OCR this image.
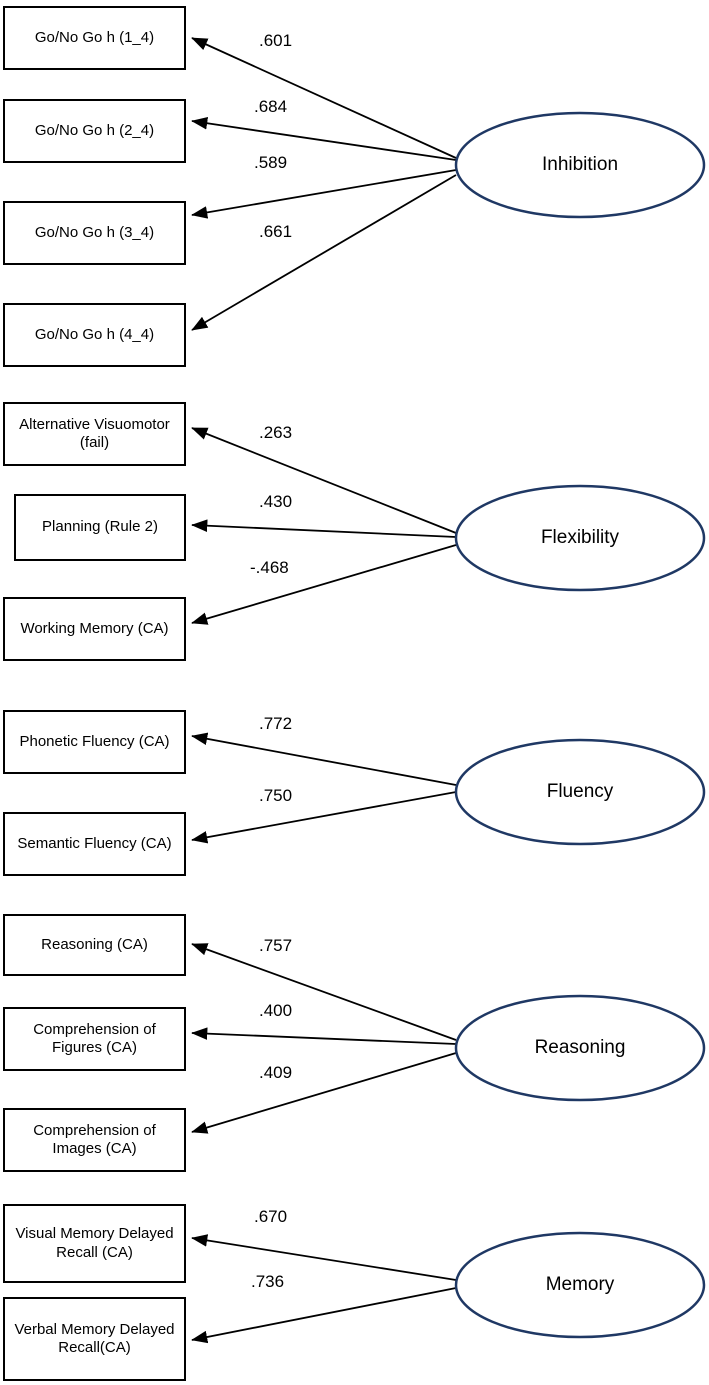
Inhibition
Flexibility
Fluency
Reasoning
Memory
Go/No Go h (1_4)
Go/No Go h (2_4)
Go/No Go h (3_4)
Go/No Go h (4_4)
Alternative Visuomotor (fail)
Planning (Rule 2)
Working Memory (CA)
Phonetic Fluency (CA)
Semantic Fluency (CA)
Reasoning (CA)
Comprehension of Figures (CA)
Comprehension of Images (CA)
Visual Memory Delayed Recall (CA)
Verbal Memory Delayed Recall(CA)
.601
.684
.589
.661
.263
.430
-.468
.772
.750
.757
.400
.409
.670
.736
